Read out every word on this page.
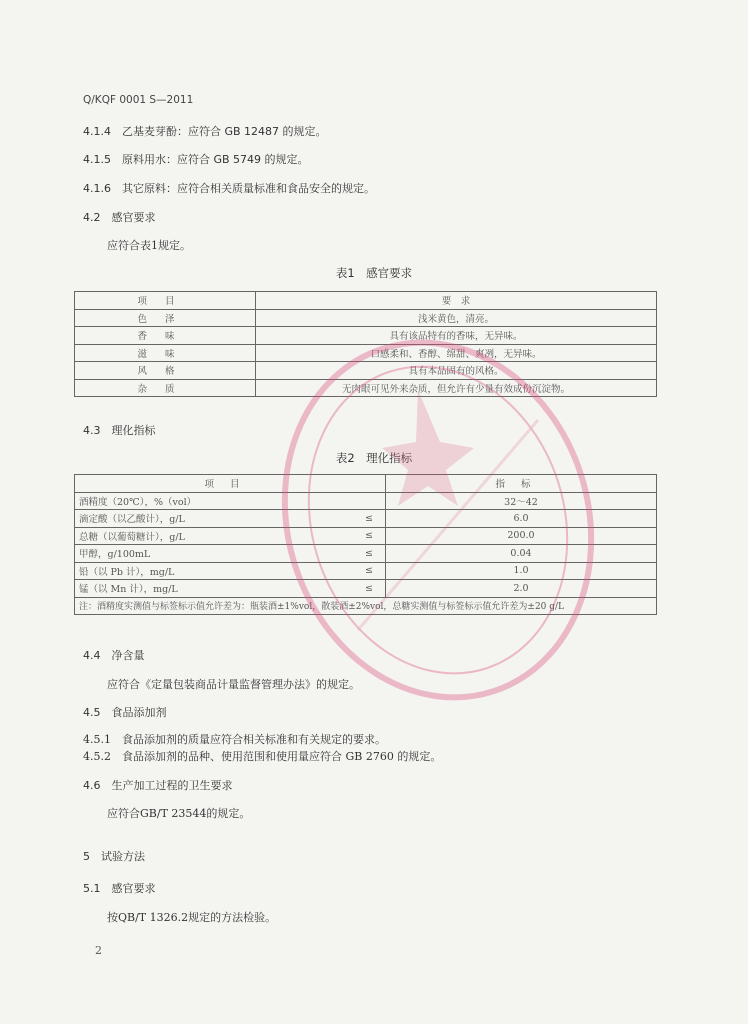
Q/KQF 0001 S—2011
4.1.4　乙基麦芽酚：应符合 GB 12487 的规定。
4.1.5　原料用水：应符合 GB 5749 的规定。
4.1.6　其它原料：应符合相关质量标准和食品安全的规定。
4.2　感官要求
应符合表1规定。
表1　感官要求
项目	要　求
色泽	浅米黄色，清亮。
香味	具有该品特有的香味，无异味。
滋味	口感柔和、香醇、绵甜、爽冽，无异味。
风格	具有本品固有的风格。
杂质	无肉眼可见外来杂质，但允许有少量有效成份沉淀物。
4.3　理化指标
表2　理化指标
项目		指标
酒精度（20℃），%（vol）		32～42
滴定酸（以乙酸计），g/L	≤	6.0
总糖（以葡萄糖计），g/L	≤	200.0
甲醇，g/100mL	≤	0.04
铅（以 Pb 计），mg/L	≤	1.0
锰（以 Mn 计），mg/L	≤	2.0
注：酒精度实测值与标签标示值允许差为：瓶装酒±1%vol，散装酒±2%vol，总糖实测值与标签标示值允许差为±20 g/L		
4.4　净含量
应符合《定量包装商品计量监督管理办法》的规定。
4.5　食品添加剂
4.5.1　食品添加剂的质量应符合相关标准和有关规定的要求。
4.5.2　食品添加剂的品种、使用范围和使用量应符合 GB 2760 的规定。
4.6　生产加工过程的卫生要求
应符合GB/T 23544的规定。
5　试验方法
5.1　感官要求
按QB/T 1326.2规定的方法检验。
2
